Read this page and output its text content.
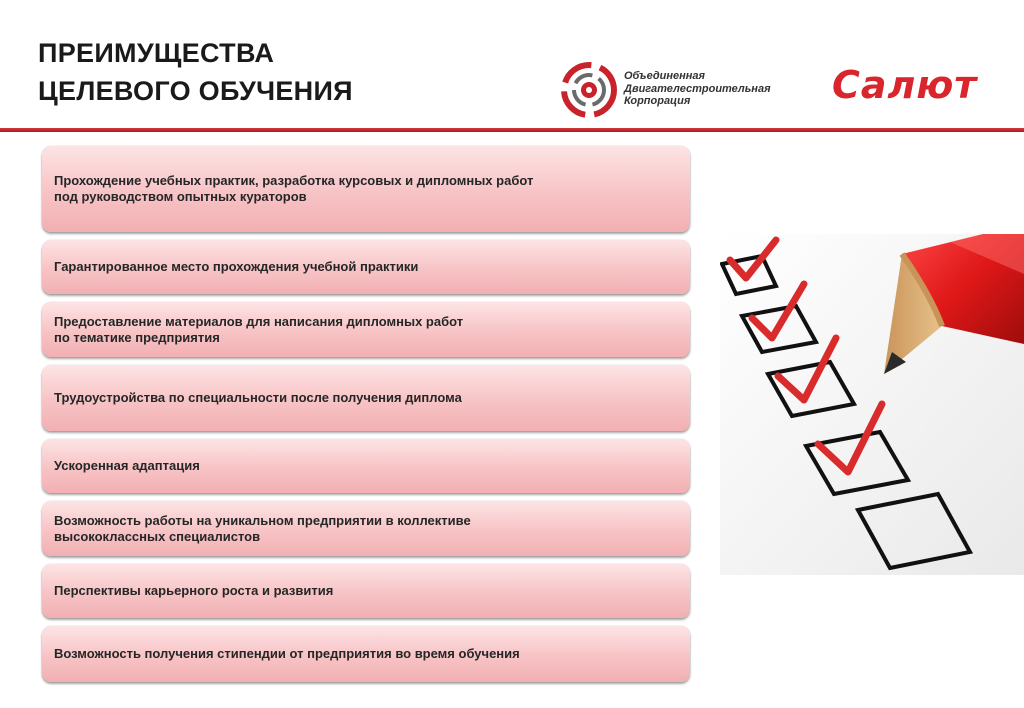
ПРЕИМУЩЕСТВА
ЦЕЛЕВОГО ОБУЧЕНИЯ	Объединенная
Двигателестроительная
Корпорация	Салют
Прохождение учебных практик, разработка курсовых и дипломных работ
под руководством опытных кураторов
Гарантированное место прохождения учебной практики
Предоставление материалов для написания дипломных работ
по тематике предприятия
Трудоустройства по специальности после получения диплома
Ускоренная адаптация
Возможность работы на уникальном предприятии в коллективе
высококлассных специалистов
Перспективы карьерного роста и развития
Возможность получения стипендии от предприятия во время обучения
